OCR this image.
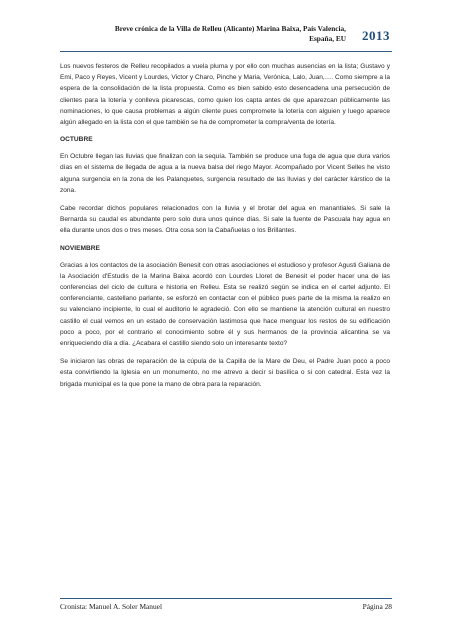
Breve crónica de la Villa de Relleu (Alicante) Marina Baixa, País Valencia,
España, EU 2013

Los nuevos festeros de Relleu recopilados a vuela pluma y por ello con muchas ausencias en la lista; Gustavo y Emi, Paco y Reyes, Vicent y Lourdes, Victor y Charo, Pinche y Maria, Verónica, Lalo, Juan,…. Como siempre a la espera de la consolidación de la lista propuesta. Como es bien sabido esto desencadena una persecución de clientes para la lotería y conlleva picarescas, como quien los capta antes de que aparezcan públicamente las nominaciones, lo que causa problemas a algún cliente pues compromete la lotería con alguien y luego aparece algún allegado en la lista con el que también se ha de comprometer la compra/venta de lotería.

OCTUBRE

En Octubre llegan las lluvias que finalizan con la sequía. También se produce una fuga de agua que dura varios días en el sistema de llegada de agua a la nueva balsa del riego Mayor. Acompañado por Vicent Selles he visto alguna surgencia en la zona de les Palanquetes, surgencia resultado de las lluvias y del carácter kárstico de la zona.

Cabe recordar dichos populares relacionados con la lluvia y el brotar del agua en manantiales. Si sale la Bernarda su caudal es abundante pero solo dura unos quince días. Si sale la fuente de Pascuala hay agua en ella durante unos dos o tres meses. Otra cosa son la Cabañuelas o los Brillantes.

NOVIEMBRE

Gracias a los contactos de la asociación Benesit con otras asociaciones el estudioso y profesor Agusti Galiana de la Asociación d'Estudis de la Marina Baixa acordó con Lourdes Lloret de Benesit el poder hacer una de las conferencias del ciclo de cultura e historia en Relleu. Esta se realizó según se indica en el cartel adjunto. El conferenciante, castellano parlante, se esforzó en contactar con el público pues parte de la misma la realizo en su valenciano incipiente, lo cual el auditorio le agradeció. Con ello se mantiene la atención cultural en nuestro castillo el cual vemos en un estado de conservación lastimosa que hace menguar los restos de su edificación poco a poco, por el contrario el conocimiento sobre él y sus hermanos de la provincia alicantina se va enriqueciendo día a día. ¿Acabara el castillo siendo solo un interesante texto?

Se iniciaron las obras de reparación de la cúpula de la Capilla de la Mare de Deu, el Padre Juan poco a poco esta convirtiendo la Iglesia en un monumento, no me atrevo a decir si basílica o si con catedral. Esta vez la brigada municipal es la que pone la mano de obra para la reparación.

Cronista: Manuel A. Soler Manuel	Página 28
